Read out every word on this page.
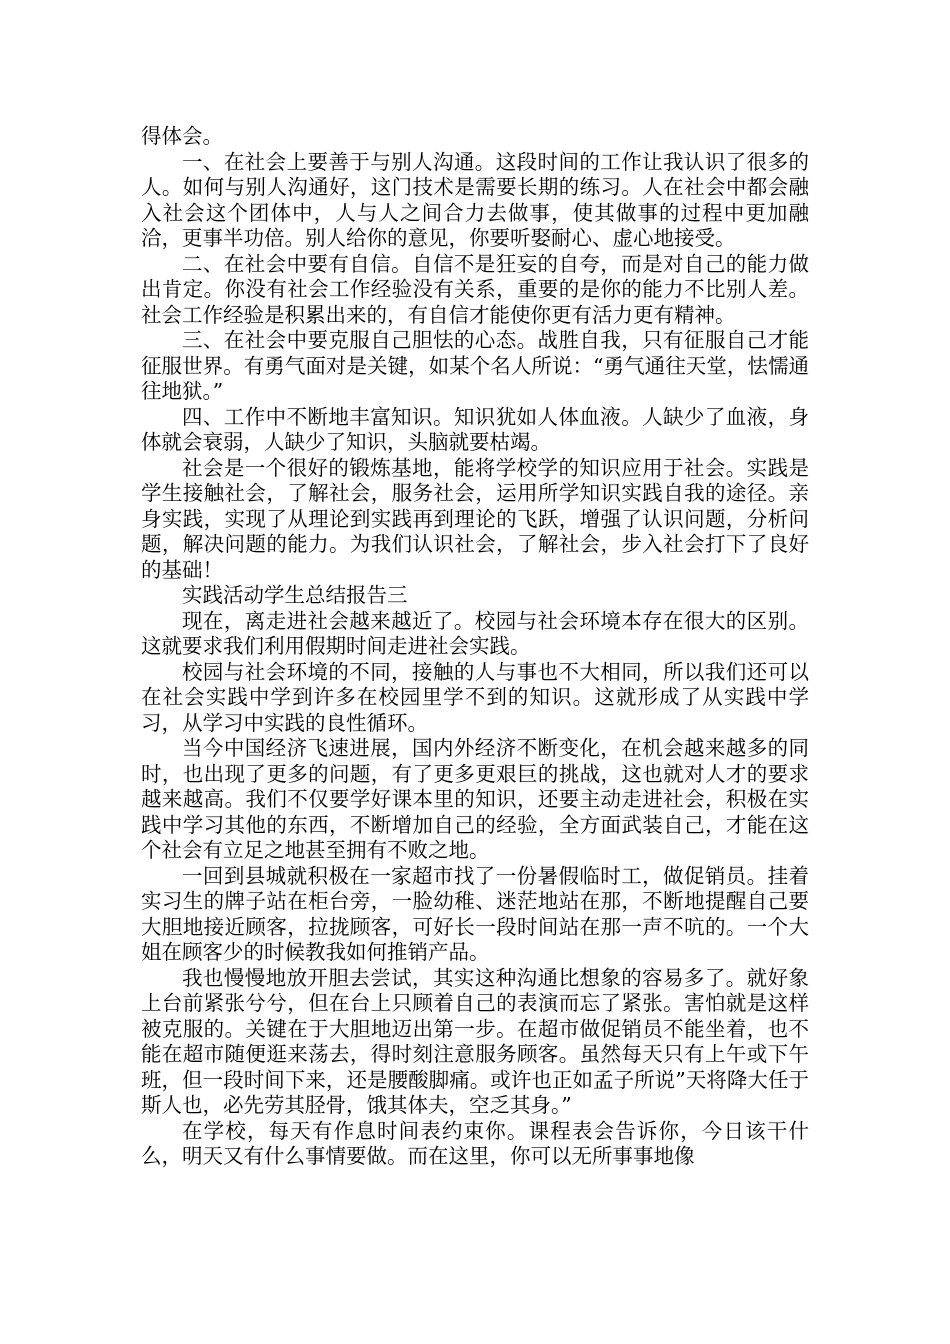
得体会。

一、在社会上要善于与别人沟通。这段时间的工作让我认识了很多的人。如何与别人沟通好，这门技术是需要长期的练习。人在社会中都会融入社会这个团体中，人与人之间合力去做事，使其做事的过程中更加融洽，更事半功倍。别人给你的意见，你要听娶耐心、虚心地接受。

二、在社会中要有自信。自信不是狂妄的自夸，而是对自己的能力做出肯定。你没有社会工作经验没有关系，重要的是你的能力不比别人差。社会工作经验是积累出来的，有自信才能使你更有活力更有精神。

三、在社会中要克服自己胆怯的心态。战胜自我，只有征服自己才能征服世界。有勇气面对是关键，如某个名人所说：“勇气通往天堂，怯懦通往地狱。”

四、工作中不断地丰富知识。知识犹如人体血液。人缺少了血液，身体就会衰弱，人缺少了知识，头脑就要枯竭。

社会是一个很好的锻炼基地，能将学校学的知识应用于社会。实践是学生接触社会，了解社会，服务社会，运用所学知识实践自我的途径。亲身实践，实现了从理论到实践再到理论的飞跃，增强了认识问题，分析问题，解决问题的能力。为我们认识社会，了解社会，步入社会打下了良好的基础！

实践活动学生总结报告三

现在，离走进社会越来越近了。校园与社会环境本存在很大的区别。这就要求我们利用假期时间走进社会实践。

校园与社会环境的不同，接触的人与事也不大相同，所以我们还可以在社会实践中学到许多在校园里学不到的知识。这就形成了从实践中学习，从学习中实践的良性循环。

当今中国经济飞速进展，国内外经济不断变化，在机会越来越多的同时，也出现了更多的问题，有了更多更艰巨的挑战，这也就对人才的要求越来越高。我们不仅要学好课本里的知识，还要主动走进社会，积极在实践中学习其他的东西，不断增加自己的经验，全方面武装自己，才能在这个社会有立足之地甚至拥有不败之地。

一回到县城就积极在一家超市找了一份暑假临时工，做促销员。挂着实习生的牌子站在柜台旁，一脸幼稚、迷茫地站在那，不断地提醒自己要大胆地接近顾客，拉拢顾客，可好长一段时间站在那一声不吭的。一个大姐在顾客少的时候教我如何推销产品。

我也慢慢地放开胆去尝试，其实这种沟通比想象的容易多了。就好象上台前紧张兮兮，但在台上只顾着自己的表演而忘了紧张。害怕就是这样被克服的。关键在于大胆地迈出第一步。在超市做促销员不能坐着，也不能在超市随便逛来荡去，得时刻注意服务顾客。虽然每天只有上午或下午班，但一段时间下来，还是腰酸脚痛。或许也正如孟子所说”天将降大任于斯人也，必先劳其胫骨，饿其体夫，空乏其身。”

在学校，每天有作息时间表约束你。课程表会告诉你，今日该干什么，明天又有什么事情要做。而在这里，你可以无所事事地像
